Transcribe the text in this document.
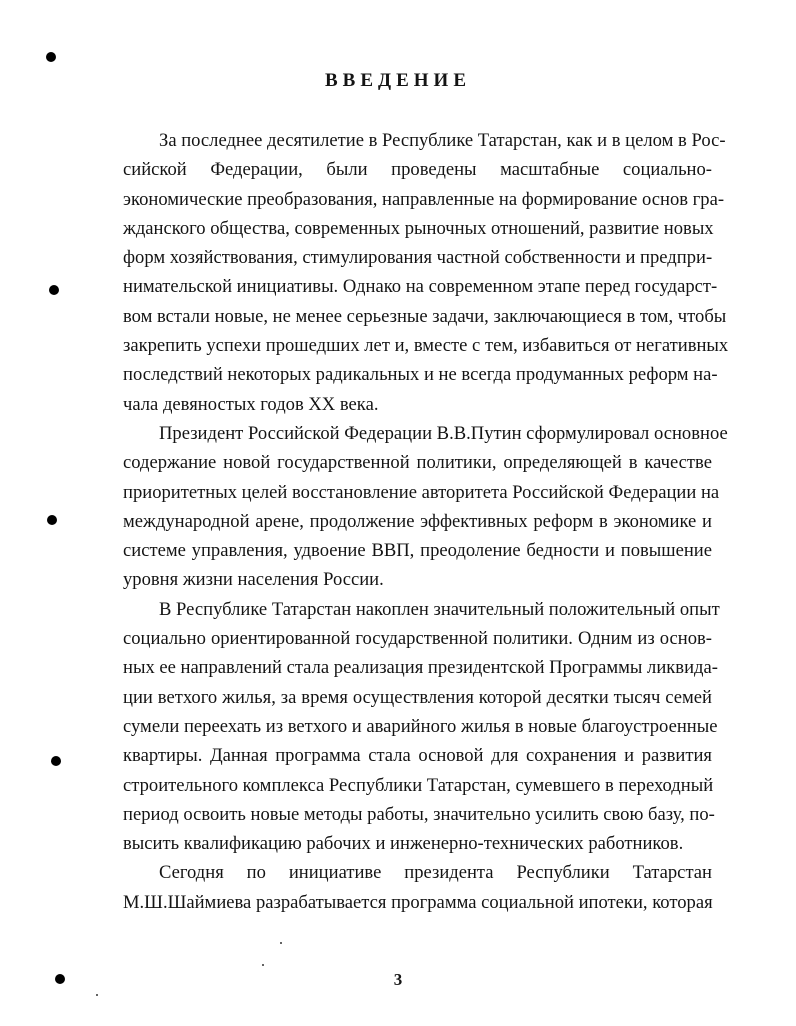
ВВЕДЕНИЕ

За последнее десятилетие в Республике Татарстан, как и в целом в Рос-
сийской Федерации, были проведены масштабные социально-
экономические преобразования, направленные на формирование основ гра-
жданского общества, современных рыночных отношений, развитие новых
форм хозяйствования, стимулирования частной собственности и предпри-
нимательской инициативы. Однако на современном этапе перед государст-
вом встали новые, не менее серьезные задачи, заключающиеся в том, чтобы
закрепить успехи прошедших лет и, вместе с тем, избавиться от негативных
последствий некоторых радикальных и не всегда продуманных реформ на-
чала девяностых годов XX века.

Президент Российской Федерации В.В.Путин сформулировал основное
содержание новой государственной политики, определяющей в качестве
приоритетных целей восстановление авторитета Российской Федерации на
международной арене, продолжение эффективных реформ в экономике и
системе управления, удвоение ВВП, преодоление бедности и повышение
уровня жизни населения России.

В Республике Татарстан накоплен значительный положительный опыт
социально ориентированной государственной политики. Одним из основ-
ных ее направлений стала реализация президентской Программы ликвида-
ции ветхого жилья, за время осуществления которой десятки тысяч семей
сумели переехать из ветхого и аварийного жилья в новые благоустроенные
квартиры. Данная программа стала основой для сохранения и развития
строительного комплекса Республики Татарстан, сумевшего в переходный
период освоить новые методы работы, значительно усилить свою базу, по-
высить квалификацию рабочих и инженерно-технических работников.

Сегодня по инициативе президента Республики Татарстан
М.Ш.Шаймиева разрабатывается программа социальной ипотеки, которая

3
